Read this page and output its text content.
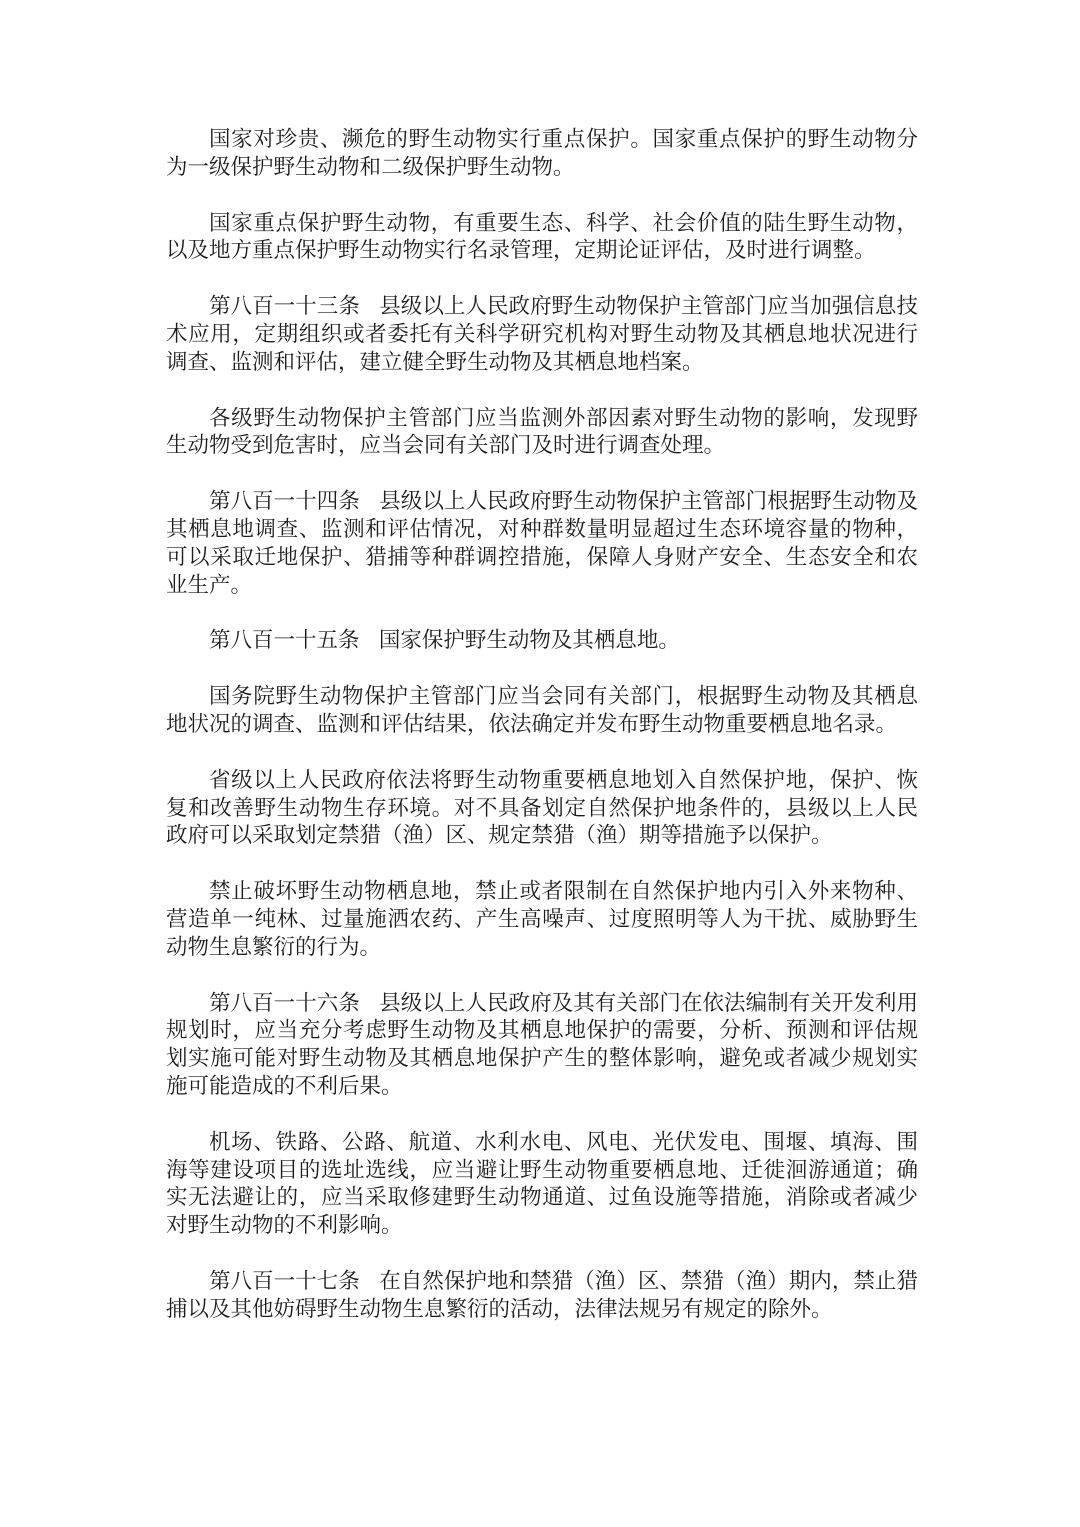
国家对珍贵、濒危的野生动物实行重点保护。国家重点保护的野生动物分为一级保护野生动物和二级保护野生动物。

国家重点保护野生动物，有重要生态、科学、社会价值的陆生野生动物，以及地方重点保护野生动物实行名录管理，定期论证评估，及时进行调整。

第八百一十三条 县级以上人民政府野生动物保护主管部门应当加强信息技术应用，定期组织或者委托有关科学研究机构对野生动物及其栖息地状况进行调查、监测和评估，建立健全野生动物及其栖息地档案。

各级野生动物保护主管部门应当监测外部因素对野生动物的影响，发现野生动物受到危害时，应当会同有关部门及时进行调查处理。

第八百一十四条 县级以上人民政府野生动物保护主管部门根据野生动物及其栖息地调查、监测和评估情况，对种群数量明显超过生态环境容量的物种，可以采取迁地保护、猎捕等种群调控措施，保障人身财产安全、生态安全和农业生产。

第八百一十五条 国家保护野生动物及其栖息地。

国务院野生动物保护主管部门应当会同有关部门，根据野生动物及其栖息地状况的调查、监测和评估结果，依法确定并发布野生动物重要栖息地名录。

省级以上人民政府依法将野生动物重要栖息地划入自然保护地，保护、恢复和改善野生动物生存环境。对不具备划定自然保护地条件的，县级以上人民政府可以采取划定禁猎（渔）区、规定禁猎（渔）期等措施予以保护。

禁止破坏野生动物栖息地，禁止或者限制在自然保护地内引入外来物种、营造单一纯林、过量施洒农药、产生高噪声、过度照明等人为干扰、威胁野生动物生息繁衍的行为。

第八百一十六条 县级以上人民政府及其有关部门在依法编制有关开发利用规划时，应当充分考虑野生动物及其栖息地保护的需要，分析、预测和评估规划实施可能对野生动物及其栖息地保护产生的整体影响，避免或者减少规划实施可能造成的不利后果。

机场、铁路、公路、航道、水利水电、风电、光伏发电、围堰、填海、围海等建设项目的选址选线，应当避让野生动物重要栖息地、迁徙洄游通道；确实无法避让的，应当采取修建野生动物通道、过鱼设施等措施，消除或者减少对野生动物的不利影响。

第八百一十七条 在自然保护地和禁猎（渔）区、禁猎（渔）期内，禁止猎捕以及其他妨碍野生动物生息繁衍的活动，法律法规另有规定的除外。
